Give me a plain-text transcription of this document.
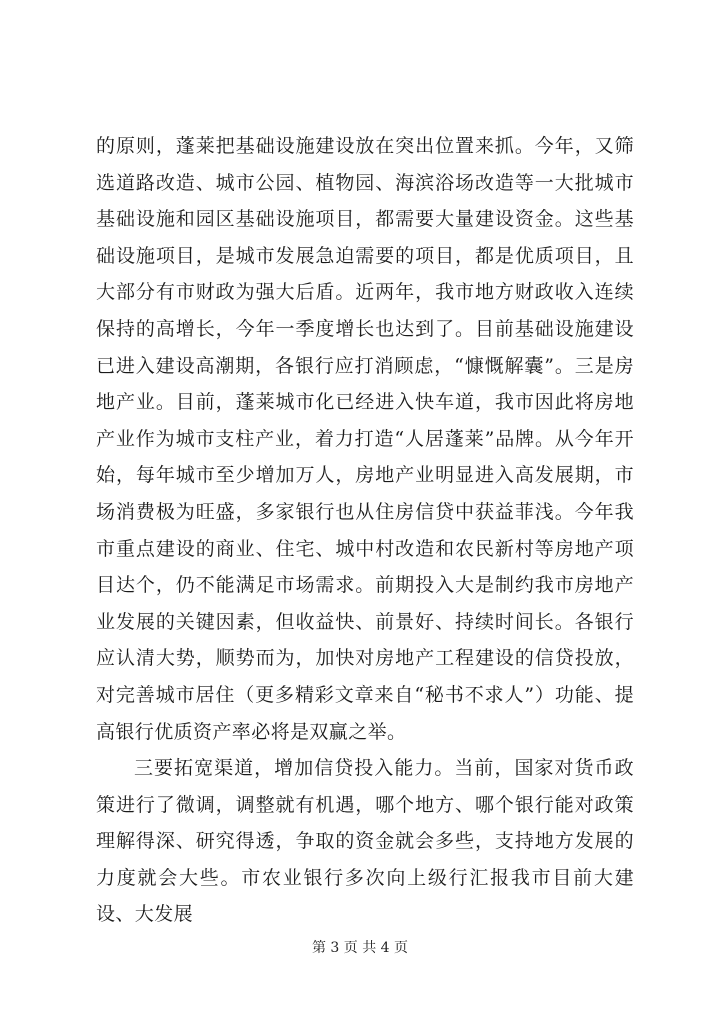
的原则，蓬莱把基础设施建设放在突出位置来抓。今年，又筛选道路改造、城市公园、植物园、海滨浴场改造等一大批城市基础设施和园区基础设施项目，都需要大量建设资金。这些基础设施项目，是城市发展急迫需要的项目，都是优质项目，且大部分有市财政为强大后盾。近两年，我市地方财政收入连续保持的高增长，今年一季度增长也达到了。目前基础设施建设已进入建设高潮期，各银行应打消顾虑，“慷慨解囊”。三是房地产业。目前，蓬莱城市化已经进入快车道，我市因此将房地产业作为城市支柱产业，着力打造“人居蓬莱”品牌。从今年开始，每年城市至少增加万人，房地产业明显进入高发展期，市场消费极为旺盛，多家银行也从住房信贷中获益菲浅。今年我市重点建设的商业、住宅、城中村改造和农民新村等房地产项目达个，仍不能满足市场需求。前期投入大是制约我市房地产业发展的关键因素，但收益快、前景好、持续时间长。各银行应认清大势，顺势而为，加快对房地产工程建设的信贷投放，对完善城市居住（更多精彩文章来自“秘书不求人”）功能、提高银行优质资产率必将是双赢之举。

三要拓宽渠道，增加信贷投入能力。当前，国家对货币政策进行了微调，调整就有机遇，哪个地方、哪个银行能对政策理解得深、研究得透，争取的资金就会多些，支持地方发展的力度就会大些。市农业银行多次向上级行汇报我市目前大建设、大发展

第 3 页 共 4 页
